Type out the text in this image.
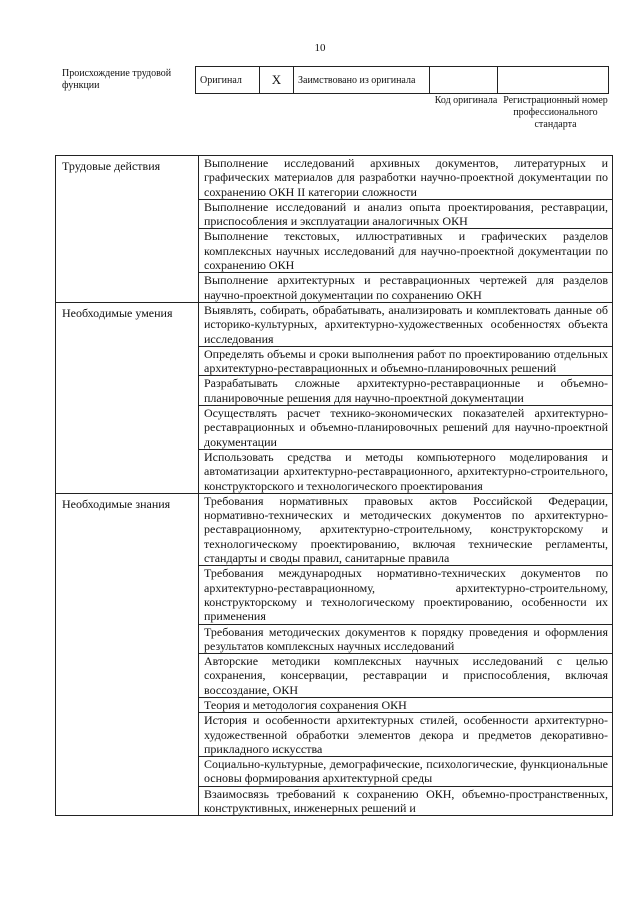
10
Происхождение трудовой функции	Оригинал	X	Заимствовано из оригинала		
Код оригинала Регистрационный номер профессионального стандарта
Трудовые действия	Выполнение исследований архивных документов, литературных и графических материалов для разработки научно-проектной документации по сохранению ОКН II категории сложности
	Выполнение исследований и анализ опыта проектирования, реставрации, приспособления и эксплуатации аналогичных ОКН
	Выполнение текстовых, иллюстративных и графических разделов комплексных научных исследований для научно-проектной документации по сохранению ОКН
	Выполнение архитектурных и реставрационных чертежей для разделов научно-проектной документации по сохранению ОКН
Необходимые умения	Выявлять, собирать, обрабатывать, анализировать и комплектовать данные об историко-культурных, архитектурно-художественных особенностях объекта исследования
	Определять объемы и сроки выполнения работ по проектированию отдельных архитектурно-реставрационных и объемно-планировочных решений
	Разрабатывать сложные архитектурно-реставрационные и объемно-планировочные решения для научно-проектной документации
	Осуществлять расчет технико-экономических показателей архитектурно-реставрационных и объемно-планировочных решений для научно-проектной документации
	Использовать средства и методы компьютерного моделирования и автоматизации архитектурно-реставрационного, архитектурно-строительного, конструкторского и технологического проектирования
Необходимые знания	Требования нормативных правовых актов Российской Федерации, нормативно-технических и методических документов по архитектурно-реставрационному, архитектурно-строительному, конструкторскому и технологическому проектированию, включая технические регламенты, стандарты и своды правил, санитарные правила
	Требования международных нормативно-технических документов по архитектурно-реставрационному, архитектурно-строительному, конструкторскому и технологическому проектированию, особенности их применения
	Требования методических документов к порядку проведения и оформления результатов комплексных научных исследований
	Авторские методики комплексных научных исследований с целью сохранения, консервации, реставрации и приспособления, включая воссоздание, ОКН
	Теория и методология сохранения ОКН
	История и особенности архитектурных стилей, особенности архитектурно-художественной обработки элементов декора и предметов декоративно-прикладного искусства
	Социально-культурные, демографические, психологические, функциональные основы формирования архитектурной среды
	Взаимосвязь требований к сохранению ОКН, объемно-пространственных, конструктивных, инженерных решений и
